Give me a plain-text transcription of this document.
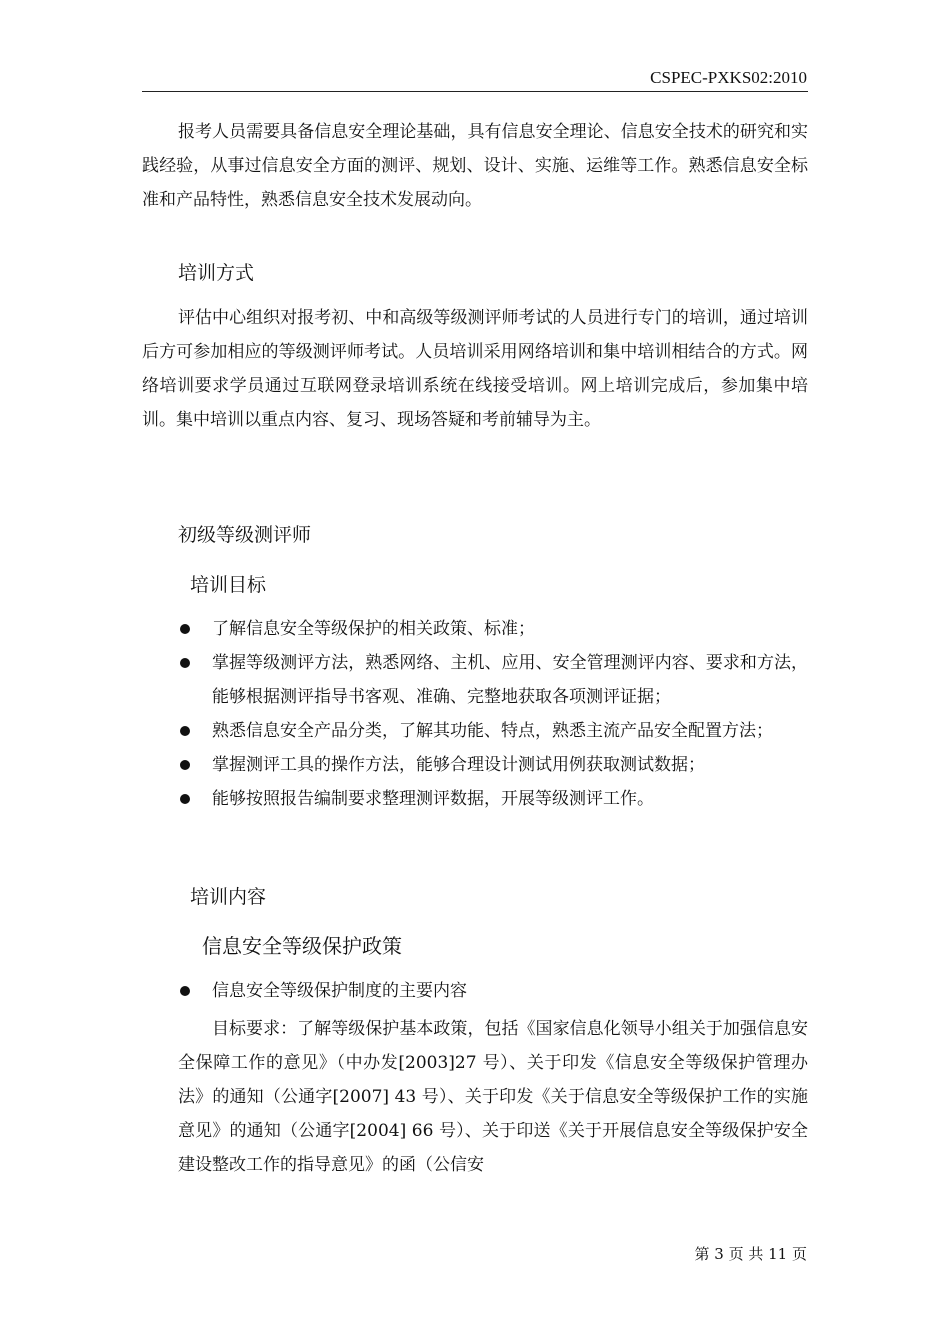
CSPEC-PXKS02:2010

报考人员需要具备信息安全理论基础，具有信息安全理论、信息安全技术的研究和实践经验，从事过信息安全方面的测评、规划、设计、实施、运维等工作。熟悉信息安全标准和产品特性，熟悉信息安全技术发展动向。

培训方式

评估中心组织对报考初、中和高级等级测评师考试的人员进行专门的培训，通过培训后方可参加相应的等级测评师考试。人员培训采用网络培训和集中培训相结合的方式。网络培训要求学员通过互联网登录培训系统在线接受培训。网上培训完成后，参加集中培训。集中培训以重点内容、复习、现场答疑和考前辅导为主。

初级等级测评师
培训目标
了解信息安全等级保护的相关政策、标准；
掌握等级测评方法，熟悉网络、主机、应用、安全管理测评内容、要求和方法，能够根据测评指导书客观、准确、完整地获取各项测评证据；
熟悉信息安全产品分类，了解其功能、特点，熟悉主流产品安全配置方法；
掌握测评工具的操作方法，能够合理设计测试用例获取测试数据；
能够按照报告编制要求整理测评数据，开展等级测评工作。
培训内容
信息安全等级保护政策
信息安全等级保护制度的主要内容

目标要求：了解等级保护基本政策，包括《国家信息化领导小组关于加强信息安全保障工作的意见》（中办发[2003]27 号）、关于印发《信息安全等级保护管理办法》的通知（公通字[2007] 43 号）、关于印发《关于信息安全等级保护工作的实施意见》的通知（公通字[2004] 66 号）、关于印送《关于开展信息安全等级保护安全建设整改工作的指导意见》的函（公信安

第 3 页 共 11 页
